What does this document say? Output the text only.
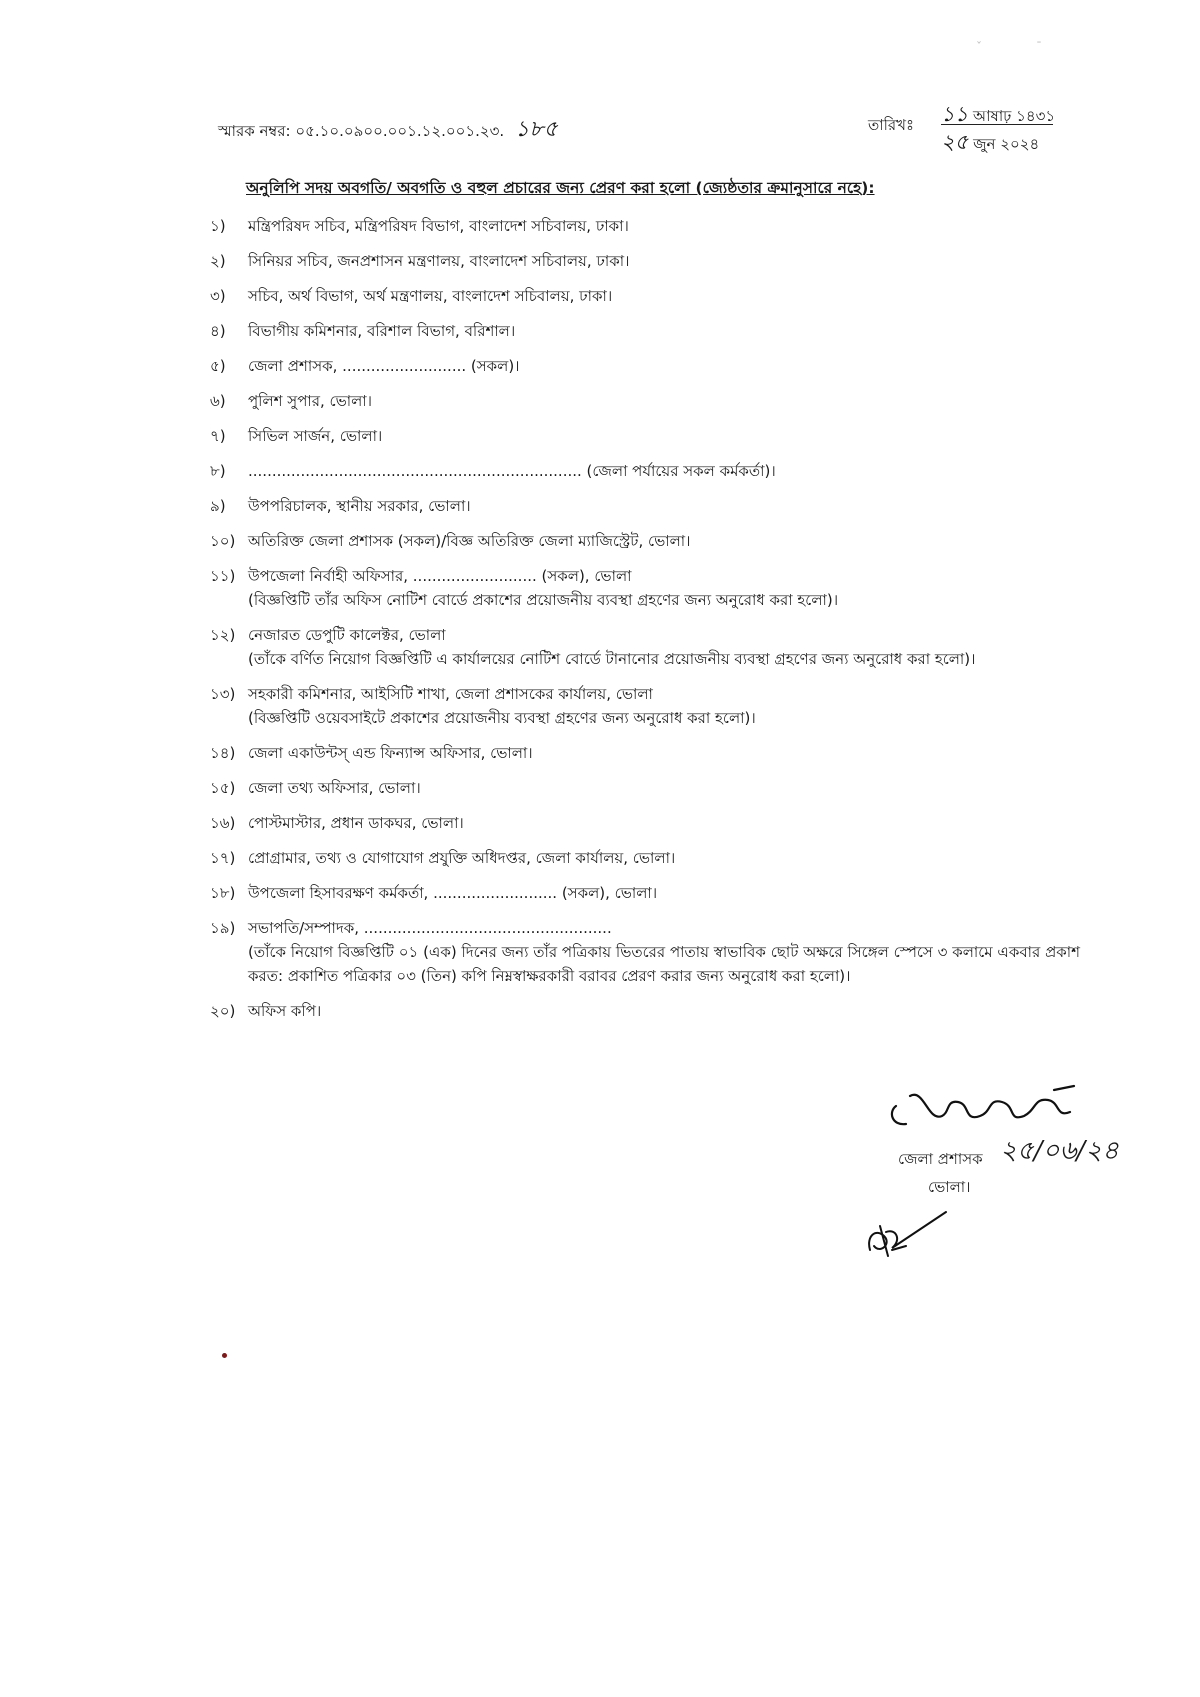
স্মারক নম্বর: ০৫.১০.০৯০০.০০১.১২.০০১.২৩. ১৮৫	তারিখঃ ১১ আষাঢ় ১৪৩১
২৫ জুন ২০২৪
অনুলিপি সদয় অবগতি/ অবগতি ও বহুল প্রচারের জন্য প্রেরণ করা হলো (জ্যেষ্ঠতার ক্রমানুসারে নহে):
১)	মন্ত্রিপরিষদ সচিব, মন্ত্রিপরিষদ বিভাগ, বাংলাদেশ সচিবালয়, ঢাকা।
২)	সিনিয়র সচিব, জনপ্রশাসন মন্ত্রণালয়, বাংলাদেশ সচিবালয়, ঢাকা।
৩)	সচিব, অর্থ বিভাগ, অর্থ মন্ত্রণালয়, বাংলাদেশ সচিবালয়, ঢাকা।
৪)	বিভাগীয় কমিশনার, বরিশাল বিভাগ, বরিশাল।
৫)	জেলা প্রশাসক, .......................... (সকল)।
৬)	পুলিশ সুপার, ভোলা।
৭)	সিভিল সার্জন, ভোলা।
৮)	...................................................................... (জেলা পর্যায়ের সকল কর্মকর্তা)।
৯)	উপপরিচালক, স্থানীয় সরকার, ভোলা।
১০) অতিরিক্ত জেলা প্রশাসক (সকল)/বিজ্ঞ অতিরিক্ত জেলা ম্যাজিস্ট্রেট, ভোলা।
১১) উপজেলা নির্বাহী অফিসার, .......................... (সকল), ভোলা
(বিজ্ঞপ্তিটি তাঁর অফিস নোটিশ বোর্ডে প্রকাশের প্রয়োজনীয় ব্যবস্থা গ্রহণের জন্য অনুরোধ করা হলো)।
১২) নেজারত ডেপুটি কালেক্টর, ভোলা
(তাঁকে বর্ণিত নিয়োগ বিজ্ঞপ্তিটি এ কার্যালয়ের নোটিশ বোর্ডে টানানোর প্রয়োজনীয় ব্যবস্থা গ্রহণের জন্য অনুরোধ করা হলো)।
১৩) সহকারী কমিশনার, আইসিটি শাখা, জেলা প্রশাসকের কার্যালয়, ভোলা
(বিজ্ঞপ্তিটি ওয়েবসাইটে প্রকাশের প্রয়োজনীয় ব্যবস্থা গ্রহণের জন্য অনুরোধ করা হলো)।
১৪) জেলা একাউন্টস্ এন্ড ফিন্যান্স অফিসার, ভোলা।
১৫) জেলা তথ্য অফিসার, ভোলা।
১৬) পোস্টমাস্টার, প্রধান ডাকঘর, ভোলা।
১৭) প্রোগ্রামার, তথ্য ও যোগাযোগ প্রযুক্তি অধিদপ্তর, জেলা কার্যালয়, ভোলা।
১৮) উপজেলা হিসাবরক্ষণ কর্মকর্তা, .......................... (সকল), ভোলা।
১৯) সভাপতি/সম্পাদক, ....................................................
(তাঁকে নিয়োগ বিজ্ঞপ্তিটি ০১ (এক) দিনের জন্য তাঁর পত্রিকায় ভিতরের পাতায় স্বাভাবিক ছোট অক্ষরে সিঙ্গেল স্পেসে ৩ কলামে একবার প্রকাশ করত: প্রকাশিত পত্রিকার ০৩ (তিন) কপি নিম্নস্বাক্ষরকারী বরাবর প্রেরণ করার জন্য অনুরোধ করা হলো)।
২০) অফিস কপি।
২৫/০৬/২৪
জেলা প্রশাসক
ভোলা।
ˇ	ˉ
